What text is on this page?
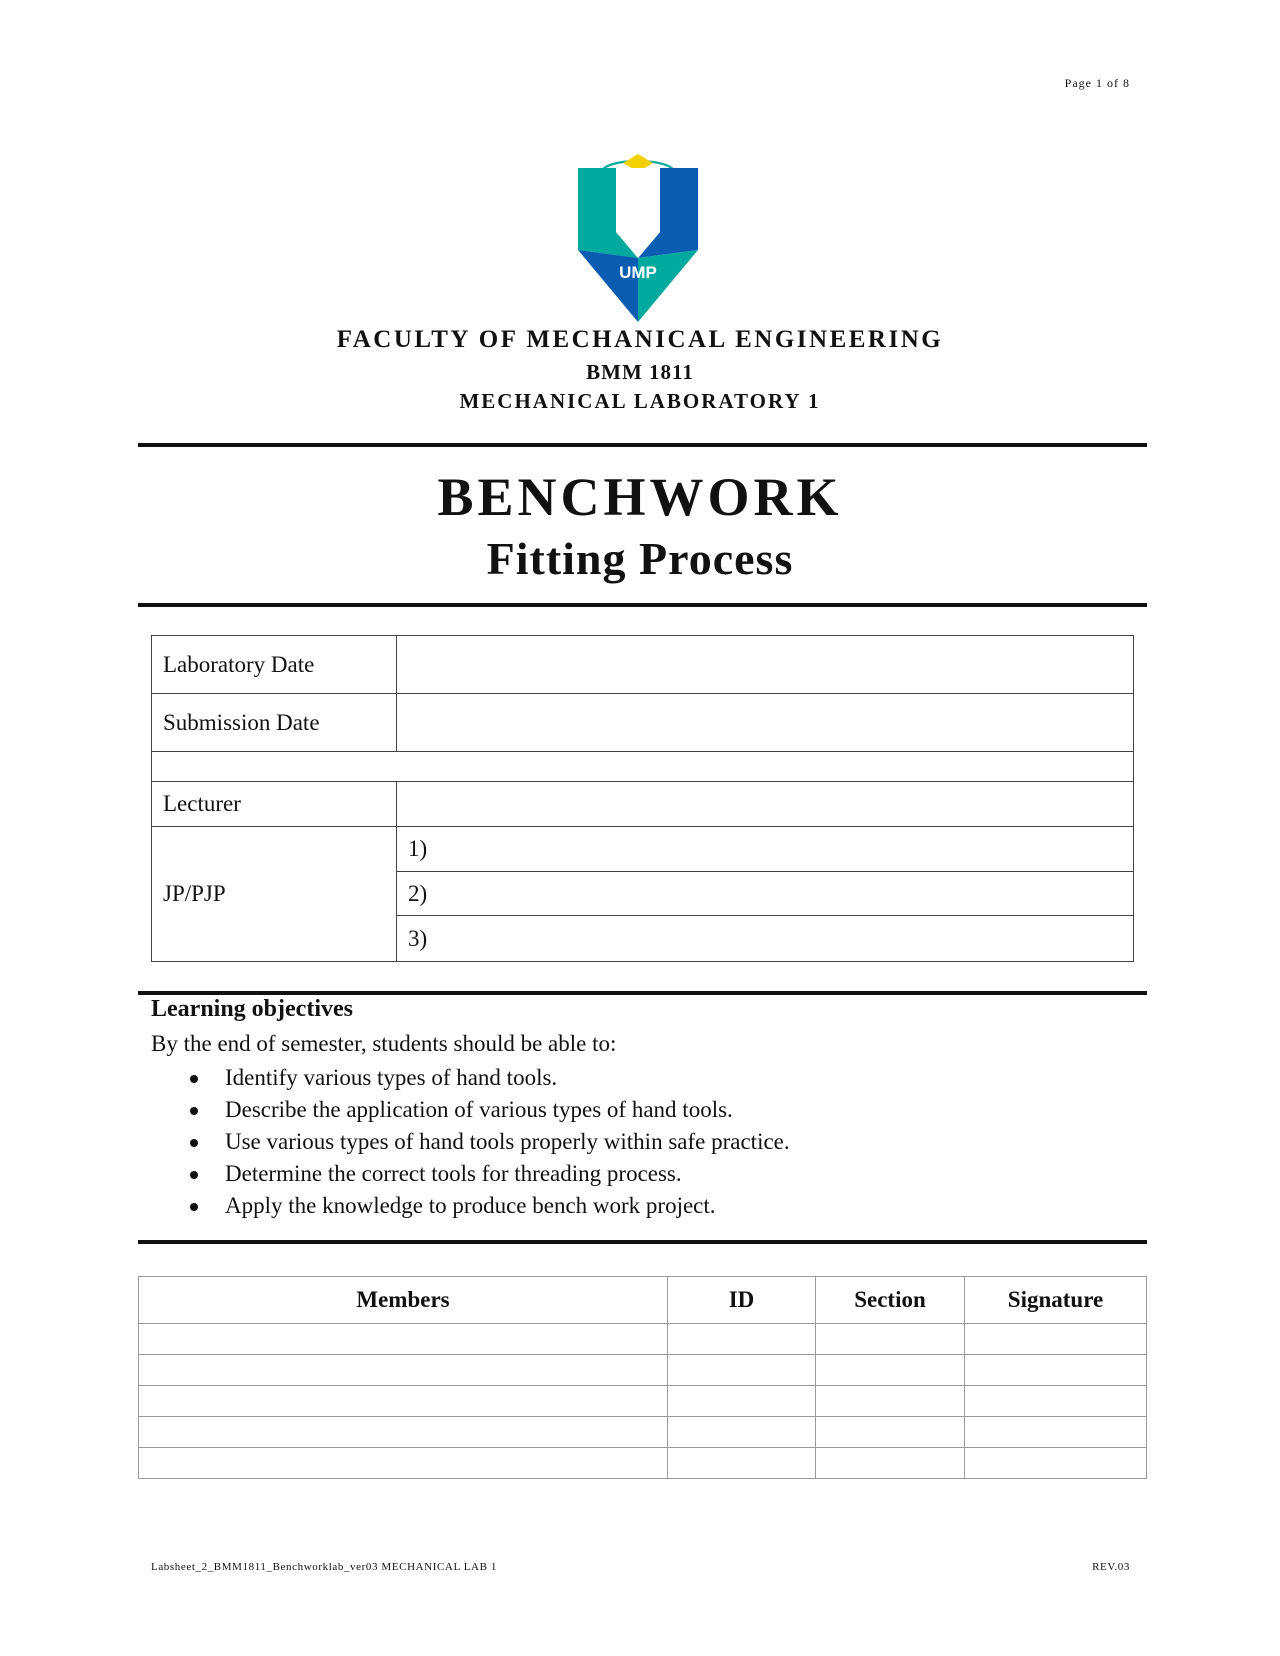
Page 1 of 8
UMP
FACULTY OF MECHANICAL ENGINEERING
BMM 1811
MECHANICAL LABORATORY 1
BENCHWORK
Fitting Process
Laboratory Date	
Submission Date	

Lecturer	
JP/PJP	1)
	2)
	3)
Learning objectives
By the end of semester, students should be able to:
Identify various types of hand tools.
Describe the application of various types of hand tools.
Use various types of hand tools properly within safe practice.
Determine the correct tools for threading process.
Apply the knowledge to produce bench work project.
Members	ID	Section	Signature

Labsheet_2_BMM1811_Benchworklab_ver03 MECHANICAL LAB 1	REV.03
